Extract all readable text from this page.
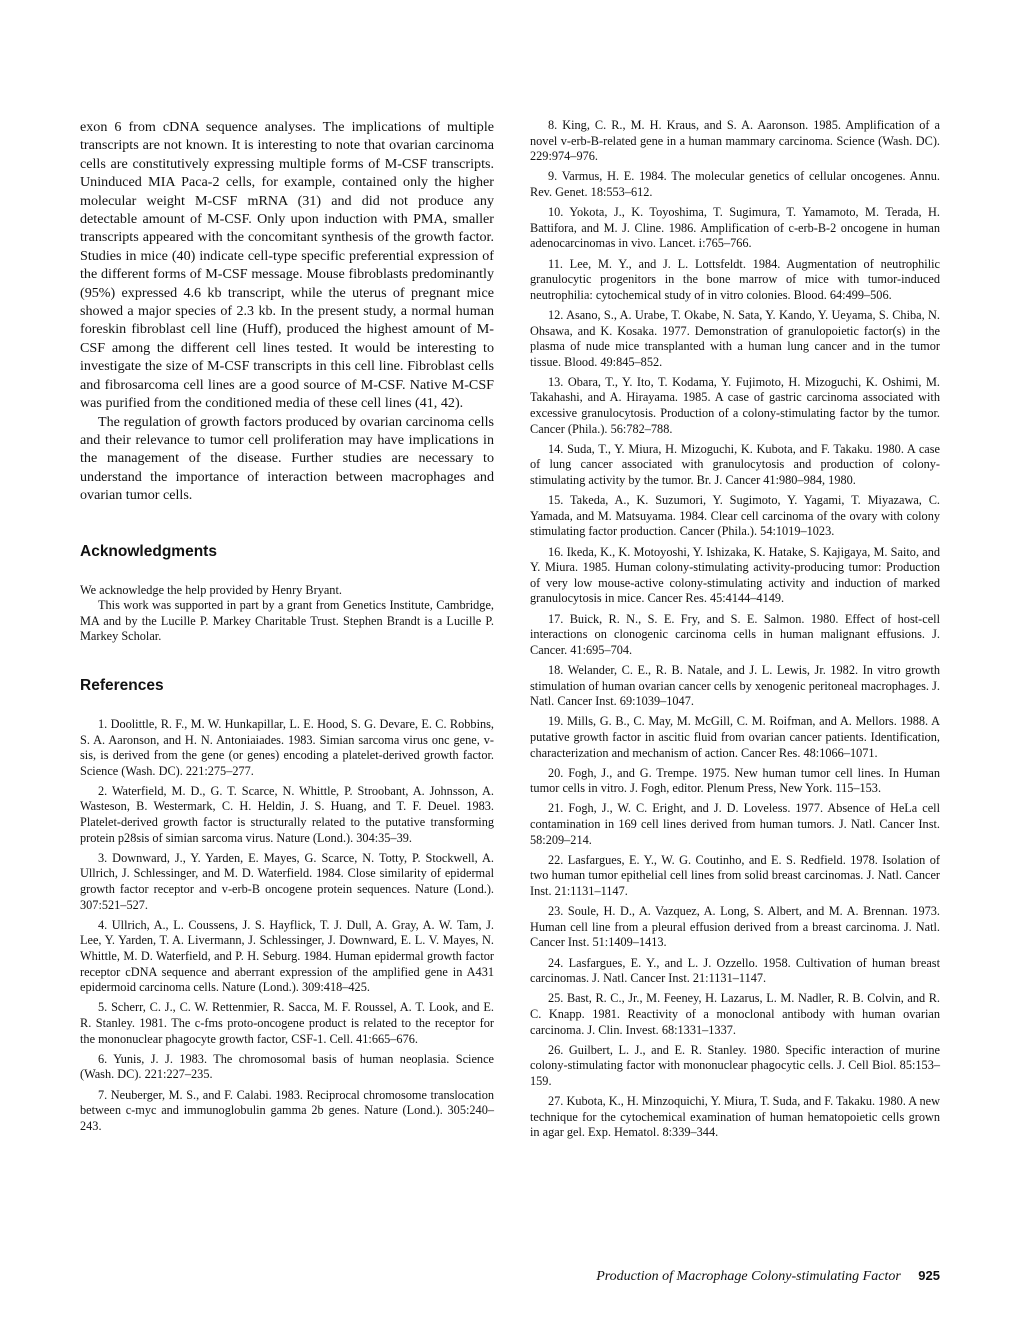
exon 6 from cDNA sequence analyses. The implications of multiple transcripts are not known. It is interesting to note that ovarian carcinoma cells are constitutively expressing multiple forms of M-CSF transcripts. Uninduced MIA Paca-2 cells, for example, contained only the higher molecular weight M-CSF mRNA (31) and did not produce any detectable amount of M-CSF. Only upon induction with PMA, smaller transcripts appeared with the concomitant synthesis of the growth factor. Studies in mice (40) indicate cell-type specific preferential expression of the different forms of M-CSF message. Mouse fibroblasts predominantly (95%) expressed 4.6 kb transcript, while the uterus of pregnant mice showed a major species of 2.3 kb. In the present study, a normal human foreskin fibroblast cell line (Huff), produced the highest amount of M-CSF among the different cell lines tested. It would be interesting to investigate the size of M-CSF transcripts in this cell line. Fibroblast cells and fibrosarcoma cell lines are a good source of M-CSF. Native M-CSF was purified from the conditioned media of these cell lines (41, 42).

The regulation of growth factors produced by ovarian carcinoma cells and their relevance to tumor cell proliferation may have implications in the management of the disease. Further studies are necessary to understand the importance of interaction between macrophages and ovarian tumor cells.

Acknowledgments

We acknowledge the help provided by Henry Bryant.

This work was supported in part by a grant from Genetics Institute, Cambridge, MA and by the Lucille P. Markey Charitable Trust. Stephen Brandt is a Lucille P. Markey Scholar.

References

1. Doolittle, R. F., M. W. Hunkapillar, L. E. Hood, S. G. Devare, E. C. Robbins, S. A. Aaronson, and H. N. Antoniaiades. 1983. Simian sarcoma virus onc gene, v-sis, is derived from the gene (or genes) encoding a platelet-derived growth factor. Science (Wash. DC). 221:275–277.

2. Waterfield, M. D., G. T. Scarce, N. Whittle, P. Stroobant, A. Johnsson, A. Wasteson, B. Westermark, C. H. Heldin, J. S. Huang, and T. F. Deuel. 1983. Platelet-derived growth factor is structurally related to the putative transforming protein p28sis of simian sarcoma virus. Nature (Lond.). 304:35–39.

3. Downward, J., Y. Yarden, E. Mayes, G. Scarce, N. Totty, P. Stockwell, A. Ullrich, J. Schlessinger, and M. D. Waterfield. 1984. Close similarity of epidermal growth factor receptor and v-erb-B oncogene protein sequences. Nature (Lond.). 307:521–527.

4. Ullrich, A., L. Coussens, J. S. Hayflick, T. J. Dull, A. Gray, A. W. Tam, J. Lee, Y. Yarden, T. A. Livermann, J. Schlessinger, J. Downward, E. L. V. Mayes, N. Whittle, M. D. Waterfield, and P. H. Seburg. 1984. Human epidermal growth factor receptor cDNA sequence and aberrant expression of the amplified gene in A431 epidermoid carcinoma cells. Nature (Lond.). 309:418–425.

5. Scherr, C. J., C. W. Rettenmier, R. Sacca, M. F. Roussel, A. T. Look, and E. R. Stanley. 1981. The c-fms proto-oncogene product is related to the receptor for the mononuclear phagocyte growth factor, CSF-1. Cell. 41:665–676.

6. Yunis, J. J. 1983. The chromosomal basis of human neoplasia. Science (Wash. DC). 221:227–235.

7. Neuberger, M. S., and F. Calabi. 1983. Reciprocal chromosome translocation between c-myc and immunoglobulin gamma 2b genes. Nature (Lond.). 305:240–243.

8. King, C. R., M. H. Kraus, and S. A. Aaronson. 1985. Amplification of a novel v-erb-B-related gene in a human mammary carcinoma. Science (Wash. DC). 229:974–976.

9. Varmus, H. E. 1984. The molecular genetics of cellular oncogenes. Annu. Rev. Genet. 18:553–612.

10. Yokota, J., K. Toyoshima, T. Sugimura, T. Yamamoto, M. Terada, H. Battifora, and M. J. Cline. 1986. Amplification of c-erb-B-2 oncogene in human adenocarcinomas in vivo. Lancet. i:765–766.

11. Lee, M. Y., and J. L. Lottsfeldt. 1984. Augmentation of neutrophilic granulocytic progenitors in the bone marrow of mice with tumor-induced neutrophilia: cytochemical study of in vitro colonies. Blood. 64:499–506.

12. Asano, S., A. Urabe, T. Okabe, N. Sata, Y. Kando, Y. Ueyama, S. Chiba, N. Ohsawa, and K. Kosaka. 1977. Demonstration of granulopoietic factor(s) in the plasma of nude mice transplanted with a human lung cancer and in the tumor tissue. Blood. 49:845–852.

13. Obara, T., Y. Ito, T. Kodama, Y. Fujimoto, H. Mizoguchi, K. Oshimi, M. Takahashi, and A. Hirayama. 1985. A case of gastric carcinoma associated with excessive granulocytosis. Production of a colony-stimulating factor by the tumor. Cancer (Phila.). 56:782–788.

14. Suda, T., Y. Miura, H. Mizoguchi, K. Kubota, and F. Takaku. 1980. A case of lung cancer associated with granulocytosis and production of colony-stimulating activity by the tumor. Br. J. Cancer 41:980–984, 1980.

15. Takeda, A., K. Suzumori, Y. Sugimoto, Y. Yagami, T. Miyazawa, C. Yamada, and M. Matsuyama. 1984. Clear cell carcinoma of the ovary with colony stimulating factor production. Cancer (Phila.). 54:1019–1023.

16. Ikeda, K., K. Motoyoshi, Y. Ishizaka, K. Hatake, S. Kajigaya, M. Saito, and Y. Miura. 1985. Human colony-stimulating activity-producing tumor: Production of very low mouse-active colony-stimulating activity and induction of marked granulocytosis in mice. Cancer Res. 45:4144–4149.

17. Buick, R. N., S. E. Fry, and S. E. Salmon. 1980. Effect of host-cell interactions on clonogenic carcinoma cells in human malignant effusions. J. Cancer. 41:695–704.

18. Welander, C. E., R. B. Natale, and J. L. Lewis, Jr. 1982. In vitro growth stimulation of human ovarian cancer cells by xenogenic peritoneal macrophages. J. Natl. Cancer Inst. 69:1039–1047.

19. Mills, G. B., C. May, M. McGill, C. M. Roifman, and A. Mellors. 1988. A putative growth factor in ascitic fluid from ovarian cancer patients. Identification, characterization and mechanism of action. Cancer Res. 48:1066–1071.

20. Fogh, J., and G. Trempe. 1975. New human tumor cell lines. In Human tumor cells in vitro. J. Fogh, editor. Plenum Press, New York. 115–153.

21. Fogh, J., W. C. Eright, and J. D. Loveless. 1977. Absence of HeLa cell contamination in 169 cell lines derived from human tumors. J. Natl. Cancer Inst. 58:209–214.

22. Lasfargues, E. Y., W. G. Coutinho, and E. S. Redfield. 1978. Isolation of two human tumor epithelial cell lines from solid breast carcinomas. J. Natl. Cancer Inst. 21:1131–1147.

23. Soule, H. D., A. Vazquez, A. Long, S. Albert, and M. A. Brennan. 1973. Human cell line from a pleural effusion derived from a breast carcinoma. J. Natl. Cancer Inst. 51:1409–1413.

24. Lasfargues, E. Y., and L. J. Ozzello. 1958. Cultivation of human breast carcinomas. J. Natl. Cancer Inst. 21:1131–1147.

25. Bast, R. C., Jr., M. Feeney, H. Lazarus, L. M. Nadler, R. B. Colvin, and R. C. Knapp. 1981. Reactivity of a monoclonal antibody with human ovarian carcinoma. J. Clin. Invest. 68:1331–1337.

26. Guilbert, L. J., and E. R. Stanley. 1980. Specific interaction of murine colony-stimulating factor with mononuclear phagocytic cells. J. Cell Biol. 85:153–159.

27. Kubota, K., H. Minzoquichi, Y. Miura, T. Suda, and F. Takaku. 1980. A new technique for the cytochemical examination of human hematopoietic cells grown in agar gel. Exp. Hematol. 8:339–344.

Production of Macrophage Colony-stimulating Factor 925
